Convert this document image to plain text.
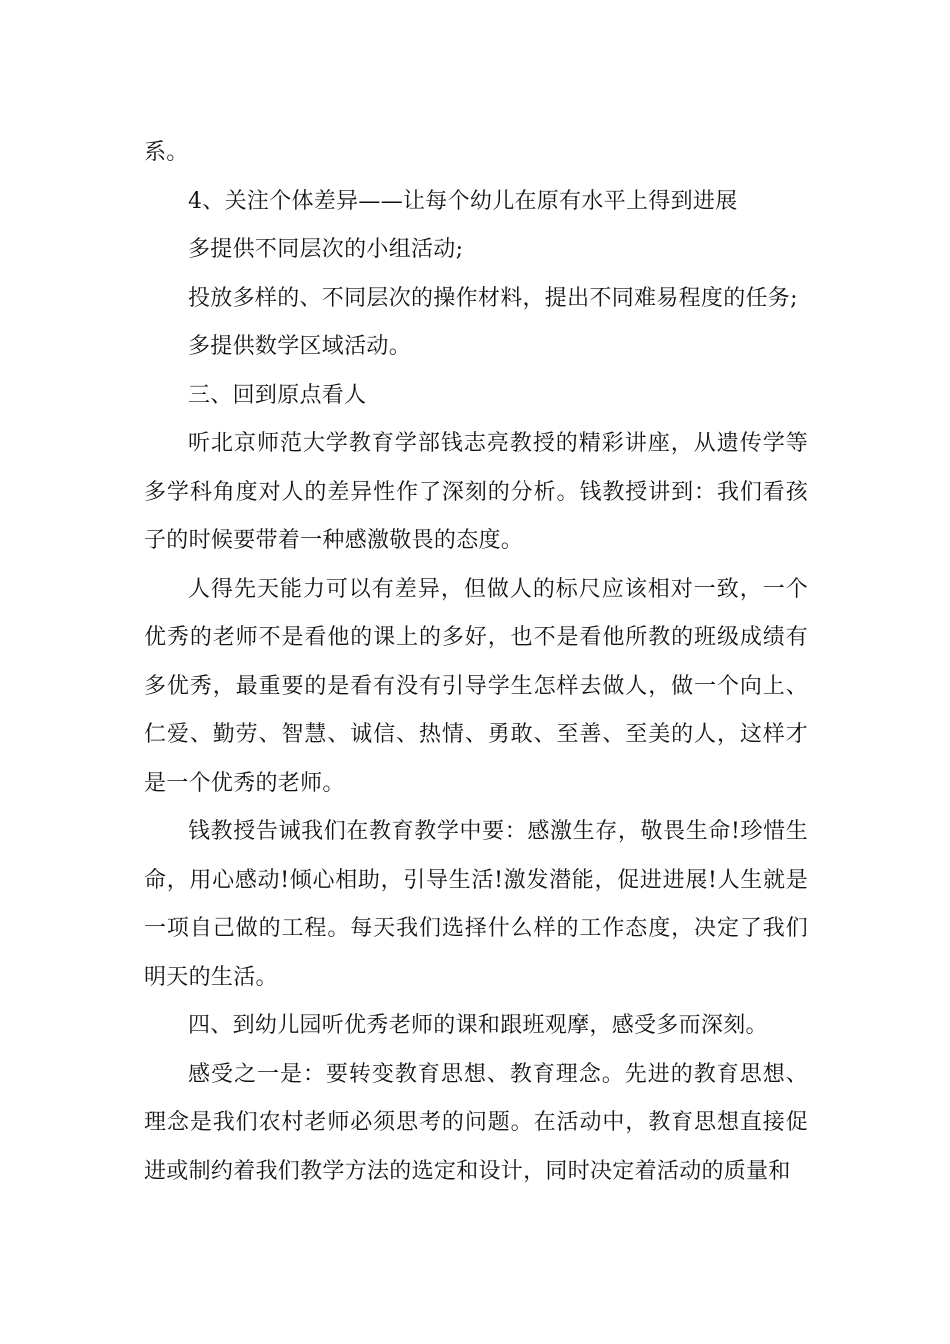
系。

4、关注个体差异——让每个幼儿在原有水平上得到进展

多提供不同层次的小组活动;

投放多样的、不同层次的操作材料，提出不同难易程度的任务;

多提供数学区域活动。

三、回到原点看人

听北京师范大学教育学部钱志亮教授的精彩讲座，从遗传学等多学科角度对人的差异性作了深刻的分析。钱教授讲到：我们看孩子的时候要带着一种感激敬畏的态度。

人得先天能力可以有差异，但做人的标尺应该相对一致，一个优秀的老师不是看他的课上的多好，也不是看他所教的班级成绩有多优秀，最重要的是看有没有引导学生怎样去做人，做一个向上、仁爱、勤劳、智慧、诚信、热情、勇敢、至善、至美的人，这样才是一个优秀的老师。

钱教授告诫我们在教育教学中要：感激生存，敬畏生命!珍惜生命，用心感动!倾心相助，引导生活!激发潜能，促进进展!人生就是一项自己做的工程。每天我们选择什么样的工作态度，决定了我们明天的生活。

四、到幼儿园听优秀老师的课和跟班观摩，感受多而深刻。

感受之一是：要转变教育思想、教育理念。先进的教育思想、理念是我们农村老师必须思考的问题。在活动中，教育思想直接促进或制约着我们教学方法的选定和设计，同时决定着活动的质量和
